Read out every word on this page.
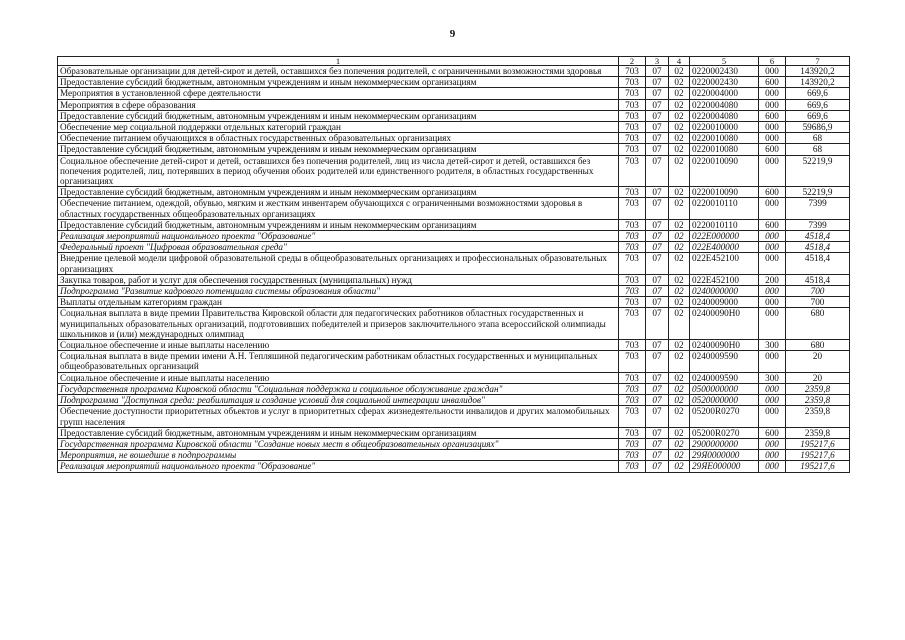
9
1	2	3	4	5	6	7
Образовательные организации для детей-сирот и детей, оставшихся без попечения родителей, с ограниченными возможностями здоровья	703	07	02	0220002430	000	143920,2
Предоставление субсидий бюджетным, автономным учреждениям и иным некоммерческим организациям	703	07	02	0220002430	600	143920,2
Мероприятия в установленной сфере деятельности	703	07	02	0220004000	000	669,6
Мероприятия в сфере образования	703	07	02	0220004080	000	669,6
Предоставление субсидий бюджетным, автономным учреждениям и иным некоммерческим организациям	703	07	02	0220004080	600	669,6
Обеспечение мер социальной поддержки отдельных категорий граждан	703	07	02	0220010000	000	59686,9
Обеспечение питанием обучающихся в областных государственных образовательных организациях	703	07	02	0220010080	000	68
Предоставление субсидий бюджетным, автономным учреждениям и иным некоммерческим организациям	703	07	02	0220010080	600	68
Социальное обеспечение детей-сирот и детей, оставшихся без попечения родителей, лиц из числа детей-сирот и детей, оставшихся без попечения родителей, лиц, потерявших в период обучения обоих родителей или единственного родителя, в областных государственных организациях	703	07	02	0220010090	000	52219,9
Предоставление субсидий бюджетным, автономным учреждениям и иным некоммерческим организациям	703	07	02	0220010090	600	52219,9
Обеспечение питанием, одеждой, обувью, мягким и жестким инвентарем обучающихся с ограниченными возможностями здоровья в областных государственных общеобразовательных организациях	703	07	02	0220010110	000	7399
Предоставление субсидий бюджетным, автономным учреждениям и иным некоммерческим организациям	703	07	02	0220010110	600	7399
Реализация мероприятий национального проекта "Образование"	703	07	02	022E000000	000	4518,4
Федеральный проект "Цифровая образовательная среда"	703	07	02	022E400000	000	4518,4
Внедрение целевой модели цифровой образовательной среды в общеобразовательных организациях и профессиональных образовательных организациях	703	07	02	022E452100	000	4518,4
Закупка товаров, работ и услуг для обеспечения государственных (муниципальных) нужд	703	07	02	022E452100	200	4518,4
Подпрограмма "Развитие кадрового потенциала системы образования области"	703	07	02	0240000000	000	700
Выплаты отдельным категориям граждан	703	07	02	0240009000	000	700
Социальная выплата в виде премии Правительства Кировской области для педагогических работников областных государственных и муниципальных образовательных организаций, подготовивших победителей и призеров заключительного этапа всероссийской олимпиады школьников и (или) международных олимпиад	703	07	02	02400090Н0	000	680
Социальное обеспечение и иные выплаты населению	703	07	02	02400090Н0	300	680
Социальная выплата в виде премии имени А.Н. Тепляшиной педагогическим работникам областных государственных и муниципальных общеобразовательных организаций	703	07	02	0240009590	000	20
Социальное обеспечение и иные выплаты населению	703	07	02	0240009590	300	20
Государственная программа Кировской области "Социальная поддержка и социальное обслуживание граждан"	703	07	02	0500000000	000	2359,8
Подпрограмма "Доступная среда: реабилитация и создание условий для социальной интеграции инвалидов"	703	07	02	0520000000	000	2359,8
Обеспечение доступности приоритетных объектов и услуг в приоритетных сферах жизнедеятельности инвалидов и других маломобильных групп населения	703	07	02	05200R0270	000	2359,8
Предоставление субсидий бюджетным, автономным учреждениям и иным некоммерческим организациям	703	07	02	05200R0270	600	2359,8
Государственная программа Кировской области "Создание новых мест в общеобразовательных организациях"	703	07	02	2900000000	000	195217,6
Мероприятия, не вошедшие в подпрограммы	703	07	02	29Я0000000	000	195217,6
Реализация мероприятий национального проекта "Образование"	703	07	02	29ЯЕ000000	000	195217,6
